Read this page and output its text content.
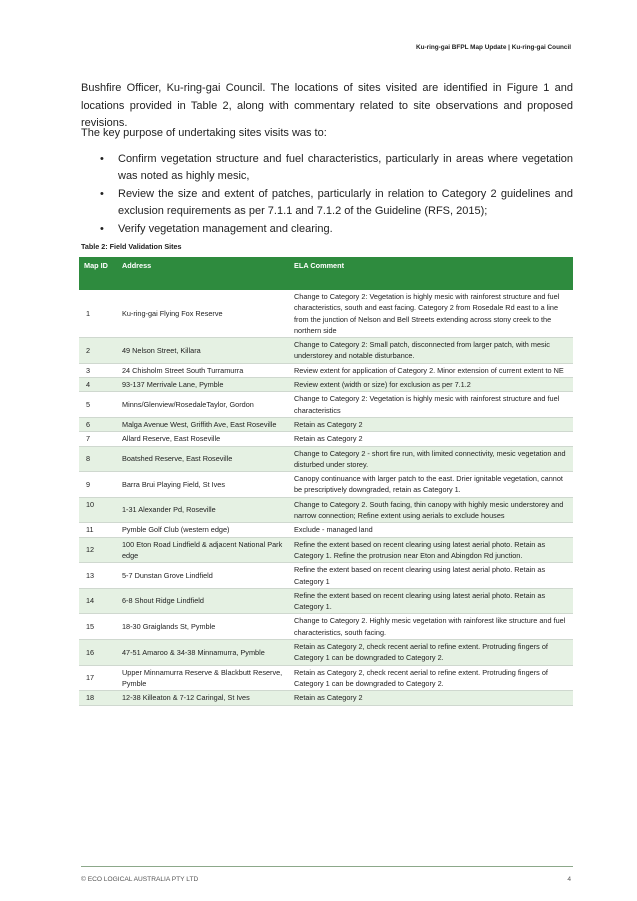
Ku-ring-gai BFPL Map Update | Ku-ring-gai Council
Bushfire Officer, Ku-ring-gai Council. The locations of sites visited are identified in Figure 1 and locations provided in Table 2, along with commentary related to site observations and proposed revisions.
The key purpose of undertaking sites visits was to:
• Confirm vegetation structure and fuel characteristics, particularly in areas where vegetation was noted as highly mesic,
• Review the size and extent of patches, particularly in relation to Category 2 guidelines and exclusion requirements as per 7.1.1 and 7.1.2 of the Guideline (RFS, 2015);
• Verify vegetation management and clearing.
Table 2: Field Validation Sites
Map ID	Address	ELA Comment
1	Ku-ring-gai Flying Fox Reserve	Change to Category 2: Vegetation is highly mesic with rainforest structure and fuel characteristics, south and east facing. Category 2 from Rosedale Rd east to a line from the junction of Nelson and Bell Streets extending across stony creek to the northern side
2	49 Nelson Street, Killara	Change to Category 2: Small patch, disconnected from larger patch, with mesic understorey and notable disturbance.
3	24 Chisholm Street South Turramurra	Review extent for application of Category 2. Minor extension of current extent to NE
4	93-137 Merrivale Lane, Pymble	Review extent (width or size) for exclusion as per 7.1.2
5	Minns/Glenview/RosedaleTaylor, Gordon	Change to Category 2: Vegetation is highly mesic with rainforest structure and fuel characteristics
6	Malga Avenue West, Griffith Ave, East Roseville	Retain as Category 2
7	Allard Reserve, East Roseville	Retain as Category 2
8	Boatshed Reserve, East Roseville	Change to Category 2 - short fire run, with limited connectivity, mesic vegetation and disturbed under storey.
9	Barra Brui Playing Field, St Ives	Canopy continuance with larger patch to the east. Drier ignitable vegetation, cannot be prescriptively downgraded, retain as Category 1.
10	1-31 Alexander Pd, Roseville	Change to Category 2. South facing, thin canopy with highly mesic understorey and narrow connection; Refine extent using aerials to exclude houses
11	Pymble Golf Club (western edge)	Exclude - managed land
12	100 Eton Road Lindfield & adjacent National Park edge	Refine the extent based on recent clearing using latest aerial photo. Retain as Category 1. Refine the protrusion near Eton and Abingdon Rd junction.
13	5-7 Dunstan Grove Lindfield	Refine the extent based on recent clearing using latest aerial photo. Retain as Category 1
14	6-8 Shout Ridge Lindfield	Refine the extent based on recent clearing using latest aerial photo. Retain as Category 1.
15	18-30 Graiglands St, Pymble	Change to Category 2. Highly mesic vegetation with rainforest like structure and fuel characteristics, south facing.
16	47-51 Amaroo & 34-38 Minnamurra, Pymble	Retain as Category 2, check recent aerial to refine extent. Protruding fingers of Category 1 can be downgraded to Category 2.
17	Upper Minnamurra Reserve & Blackbutt Reserve, Pymble	Retain as Category 2, check recent aerial to refine extent. Protruding fingers of Category 1 can be downgraded to Category 2.
18	12-38 Killeaton & 7-12 Caringal, St Ives	Retain as Category 2
© ECO LOGICAL AUSTRALIA PTY LTD	4
